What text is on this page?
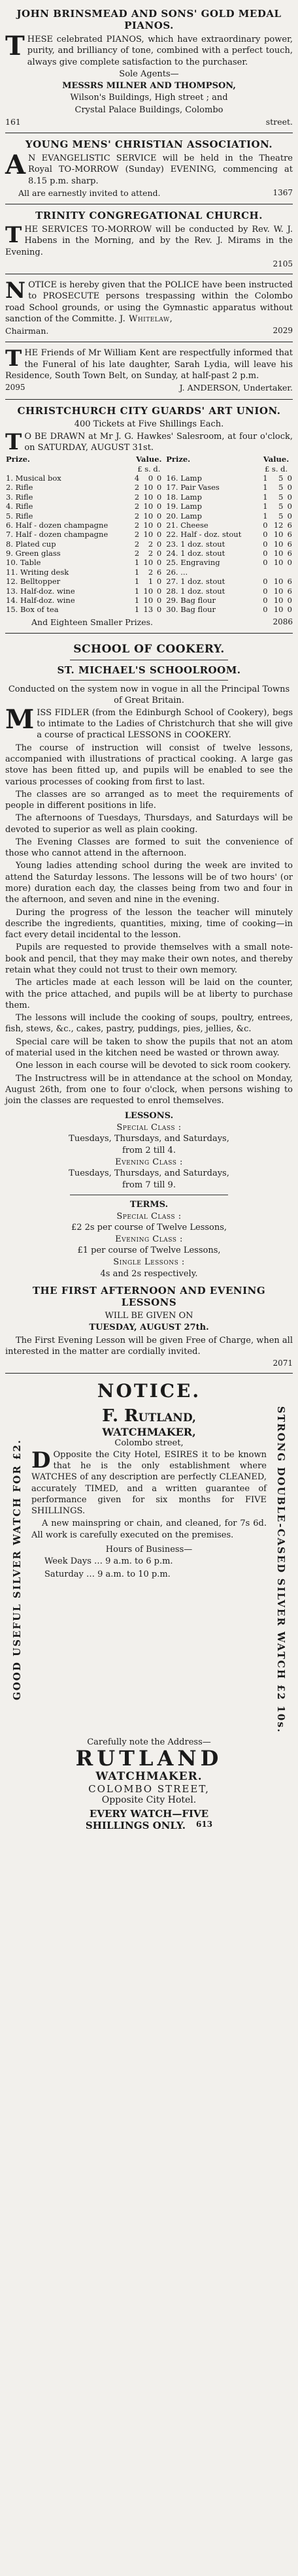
JOHN BRINSMEAD AND SONS' GOLD MEDAL PIANOS.
THESE celebrated PIANOS, which have extraordinary power, purity, and brilliancy of tone, combined with a perfect touch, always give complete satisfaction to the purchaser.
Sole Agents—
MESSRS MILNER AND THOMPSON,
Wilson's Buildings, High street ; and
Crystal Palace Buildings, Colombo
161	street.
YOUNG MENS' CHRISTIAN ASSOCIATION.
A N EVANGELISTIC SERVICE will be held in the Theatre Royal TO-MORROW (Sunday) EVENING, commencing at 8.15 p.m. sharp.
All are earnestly invited to attend.	1367
TRINITY CONGREGATIONAL CHURCH.
THE SERVICES TO-MORROW will be conducted by Rev. W. J. Habens in the Morning, and by the Rev. J. Mirams in the Evening.
2105
NOTICE is hereby given that the POLICE have been instructed to PROSECUTE persons trespassing within the Colombo road School grounds, or using the Gymnastic apparatus without sanction of the Committe. J. Whitelaw,
Chairman.	2029
THE Friends of Mr William Kent are respectfully informed that the Funeral of his late daughter, Sarah Lydia, will leave his Residence, South Town Belt, on Sunday, at half-past 2 p.m.
2095	J. ANDERSON, Undertaker.
CHRISTCHURCH CITY GUARDS' ART UNION.
400 Tickets at Five Shillings Each.
T O BE DRAWN at Mr J. G. Hawkes' Salesroom, at four o'clock, on SATURDAY, AUGUST 31st.
Prize.	Value.			Prize.	Value.		
	£ s. d.				£ s. d.		
1. Musical box	4	0	0	16. Lamp	1	5	0
2. Rifle	2	10	0	17. Pair Vases	1	5	0
3. Rifle	2	10	0	18. Lamp	1	5	0
4. Rifle	2	10	0	19. Lamp	1	5	0
5. Rifle	2	10	0	20. Lamp	1	5	0
6. Half - dozen champagne	2	10	0	21. Cheese	0	12	6
7. Half - dozen champagne	2	10	0	22. Half - doz. stout	0	10	6
8. Plated cup	2	2	0	23. 1 doz. stout	0	10	6
9. Green glass	2	2	0	24. 1 doz. stout	0	10	6
10. Table	1	10	0	25. Engraving	0	10	0
11. Writing desk	1	2	6	26. ...			
12. Belltopper	1	1	0	27. 1 doz. stout	0	10	6
13. Half-doz. wine	1	10	0	28. 1 doz. stout	0	10	6
14. Half-doz. wine	1	10	0	29. Bag flour	0	10	0
15. Box of tea	1	13	0	30. Bag flour	0	10	0
And Eighteen Smaller Prizes.	2086
SCHOOL OF COOKERY.
ST. MICHAEL'S SCHOOLROOM.
Conducted on the system now in vogue in all the Principal Towns of Great Britain.
MISS FIDLER (from the Edinburgh School of Cookery), begs to intimate to the Ladies of Christchurch that she will give a course of practical LESSONS in COOKERY.
The course of instruction will consist of twelve lessons, accompanied with illustrations of practical cooking. A large gas stove has been fitted up, and pupils will be enabled to see the various processes of cooking from first to last.
The classes are so arranged as to meet the requirements of people in different positions in life.
The afternoons of Tuesdays, Thursdays, and Saturdays will be devoted to superior as well as plain cooking.
The Evening Classes are formed to suit the convenience of those who cannot attend in the afternoon.
Young ladies attending school during the week are invited to attend the Saturday lessons. The lessons will be of two hours' (or more) duration each day, the classes being from two and four in the afternoon, and seven and nine in the evening.
During the progress of the lesson the teacher will minutely describe the ingredients, quantities, mixing, time of cooking—in fact every detail incidental to the lesson.
Pupils are requested to provide themselves with a small note-book and pencil, that they may make their own notes, and thereby retain what they could not trust to their own memory.
The articles made at each lesson will be laid on the counter, with the price attached, and pupils will be at liberty to purchase them.
The lessons will include the cooking of soups, poultry, entrees, fish, stews, &c., cakes, pastry, puddings, pies, jellies, &c.
Special care will be taken to show the pupils that not an atom of material used in the kitchen need be wasted or thrown away.
One lesson in each course will be devoted to sick room cookery.
The Instructress will be in attendance at the school on Monday, August 26th, from one to four o'clock, when persons wishing to join the classes are requested to enrol themselves.
LESSONS.
Special Class :
Tuesdays, Thursdays, and Saturdays,
from 2 till 4.
Evening Class :
Tuesdays, Thursdays, and Saturdays,
from 7 till 9.
TERMS.
Special Class :
£2 2s per course of Twelve Lessons,
Evening Class :
£1 per course of Twelve Lessons,
Single Lessons :
4s and 2s respectively.
THE FIRST AFTERNOON AND EVENING LESSONS
WILL BE GIVEN ON
TUESDAY, AUGUST 27th.
The First Evening Lesson will be given Free of Charge, when all interested in the matter are cordially invited.
2071
NOTICE.
GOOD USEFUL SILVER WATCH FOR £2.
F. RUTLAND,
WATCHMAKER,
Colombo street,
D Opposite the City Hotel, ESIRES it to be known that he is the only establishment where WATCHES of any description are perfectly CLEANED, accurately TIMED, and a written guarantee of performance given for six months for FIVE SHILLINGS.
A new mainspring or chain, and cleaned, for 7s 6d. All work is carefully executed on the premises.
Hours of Business—
Week Days … 9 a.m. to 6 p.m.
Saturday … 9 a.m. to 10 p.m.	STRONG DOUBLE-CASED SILVER WATCH £2 10s.
Carefully note the Address—
RUTLAND
WATCHMAKER.
COLOMBO STREET,
Opposite City Hotel.
EVERY WATCH—FIVE
SHILLINGS ONLY. 613
